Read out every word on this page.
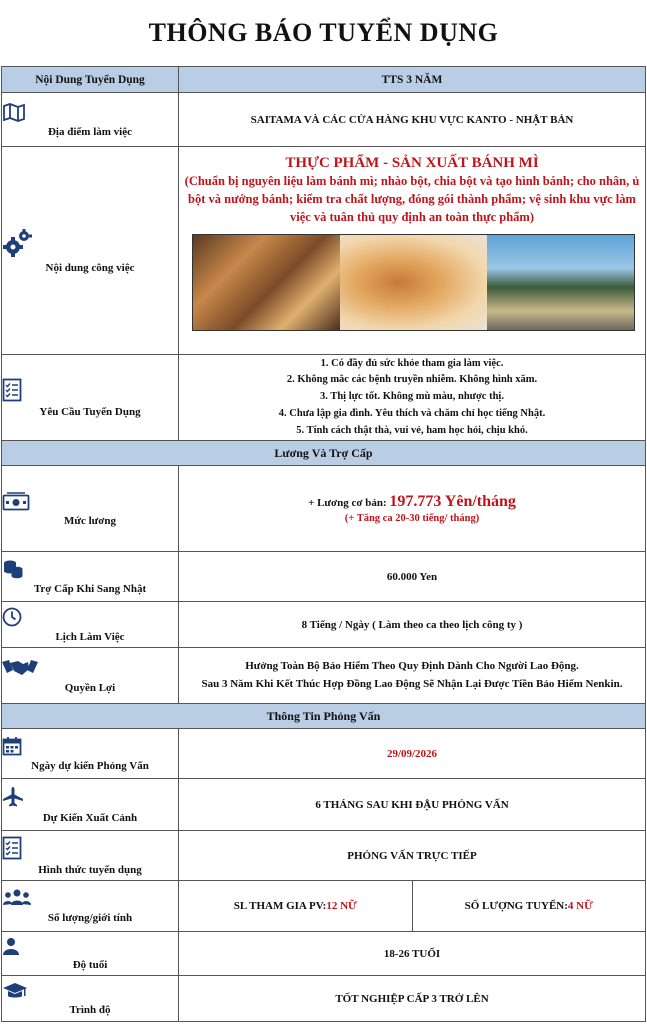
THÔNG BÁO TUYỂN DỤNG
Nội Dung Tuyển Dụng	TTS 3 NĂM

Địa điểm làm việc	SAITAMA VÀ CÁC CỬA HÀNG KHU VỰC KANTO - NHẬT BẢN

Nội dung công việc	THỰC PHẨM - SẢN XUẤT BÁNH MÌ
(Chuẩn bị nguyên liệu làm bánh mì; nhào bột, chia bột và tạo hình bánh; cho nhân, ủ bột và nướng bánh; kiểm tra chất lượng, đóng gói thành phẩm; vệ sinh khu vực làm việc và tuân thủ quy định an toàn thực phẩm)

Yêu Cầu Tuyển Dụng	1. Có đầy đủ sức khỏe tham gia làm việc.
2. Không mắc các bệnh truyền nhiễm. Không hình xăm.
3. Thị lực tốt. Không mù màu, nhược thị.
4. Chưa lập gia đình. Yêu thích và chăm chỉ học tiếng Nhật.
5. Tính cách thật thà, vui vẻ, ham học hỏi, chịu khó.

Lương Và Trợ Cấp	

Mức lương	+ Lương cơ bản: 197.773 Yên/tháng
(+ Tăng ca 20-30 tiếng/ tháng)

Trợ Cấp Khi Sang Nhật	60.000 Yen

Lịch Làm Việc	8 Tiếng / Ngày ( Làm theo ca theo lịch công ty )

Quyền Lợi	Hưởng Toàn Bộ Bảo Hiểm Theo Quy Định Dành Cho Người Lao Động.
Sau 3 Năm Khi Kết Thúc Hợp Đồng Lao Động Sẽ Nhận Lại Được Tiền Bảo Hiểm Nenkin.

Thông Tin Phỏng Vấn	

Ngày dự kiến Phỏng Vấn	29/09/2026

Dự Kiến Xuất Cảnh	6 THÁNG SAU KHI ĐẬU PHỎNG VẤN

Hình thức tuyển dụng	PHỎNG VẤN TRỰC TIẾP

Số lượng/giới tính	SL THAM GIA PV: 12 NỮ SỐ LƯỢNG TUYỂN: 4 NỮ

Độ tuổi	18-26 TUỔI

Trình độ	TỐT NGHIỆP CẤP 3 TRỞ LÊN
